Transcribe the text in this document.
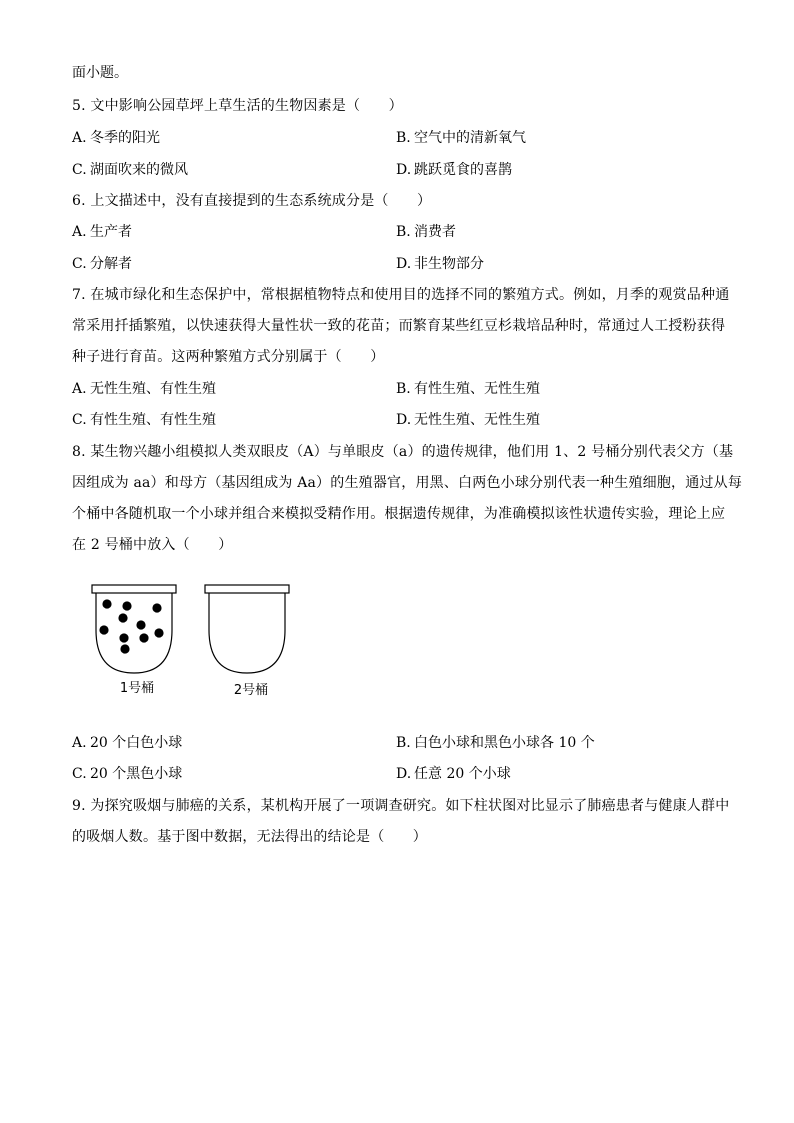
面小题。
5. 文中影响公园草坪上草生活的生物因素是（　　）
A. 冬季的阳光	B. 空气中的清新氧气
C. 湖面吹来的微风	D. 跳跃觅食的喜鹊
6. 上文描述中，没有直接提到的生态系统成分是（　　）
A. 生产者	B. 消费者
C. 分解者	D. 非生物部分
7. 在城市绿化和生态保护中，常根据植物特点和使用目的选择不同的繁殖方式。例如，月季的观赏品种通
常采用扦插繁殖，以快速获得大量性状一致的花苗；而繁育某些红豆杉栽培品种时，常通过人工授粉获得
种子进行育苗。这两种繁殖方式分别属于（　　）
A. 无性生殖、有性生殖	B. 有性生殖、无性生殖
C. 有性生殖、有性生殖	D. 无性生殖、无性生殖
8. 某生物兴趣小组模拟人类双眼皮（A）与单眼皮（a）的遗传规律，他们用 1、2 号桶分别代表父方（基
因组成为 aa）和母方（基因组成为 Aa）的生殖器官，用黑、白两色小球分别代表一种生殖细胞，通过从每
个桶中各随机取一个小球并组合来模拟受精作用。根据遗传规律，为准确模拟该性状遗传实验，理论上应
在 2 号桶中放入（　　）
1号桶	2号桶
A. 20 个白色小球	B. 白色小球和黑色小球各 10 个
C. 20 个黑色小球	D. 任意 20 个小球
9. 为探究吸烟与肺癌的关系，某机构开展了一项调查研究。如下柱状图对比显示了肺癌患者与健康人群中
的吸烟人数。基于图中数据，无法得出的结论是（　　）
